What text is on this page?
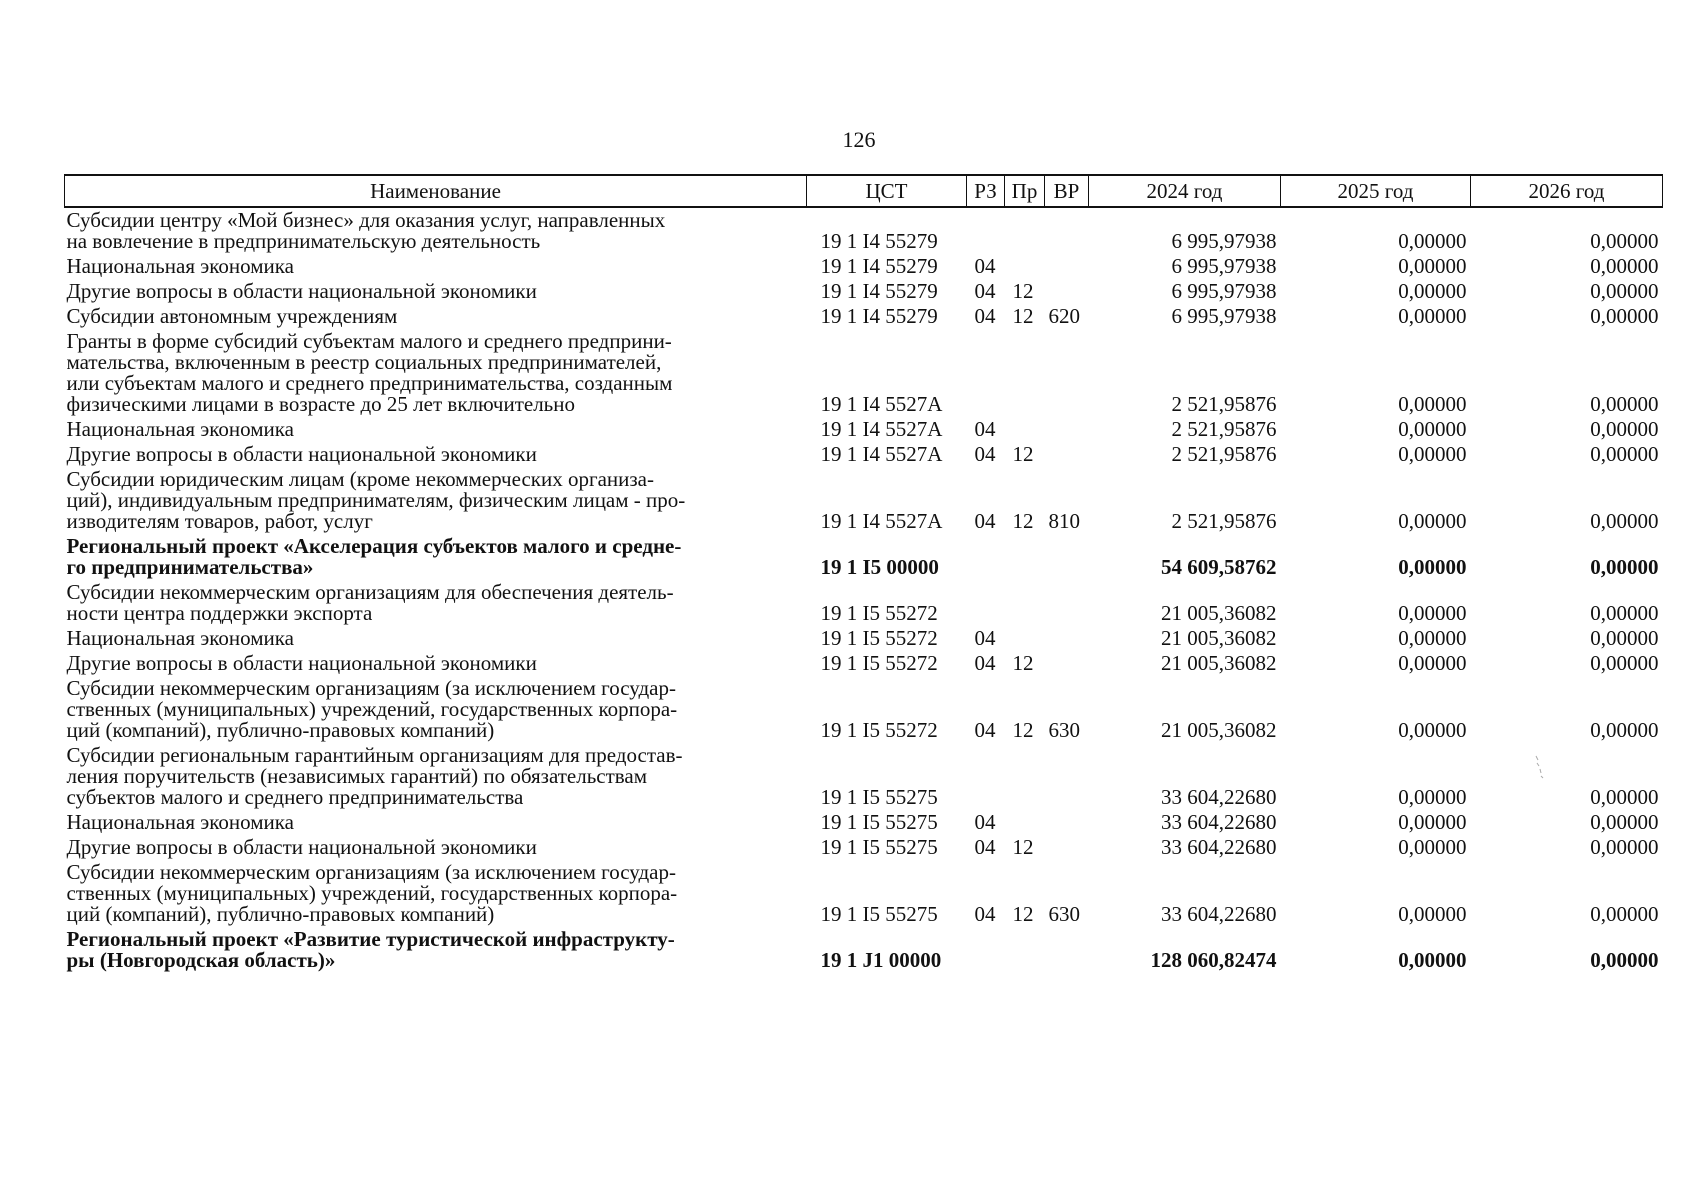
126
Наименование	ЦСТ	РЗ	Пр	ВР	2024 год	2025 год	2026 год

Субсидии центру «Мой бизнес» для оказания услуг, направленных
на вовлечение в предпринимательскую деятельность	19 1 I4 55279				6 995,97938	0,00000	0,00000

Национальная экономика	19 1 I4 55279	04			6 995,97938	0,00000	0,00000

Другие вопросы в области национальной экономики	19 1 I4 55279	04	12		6 995,97938	0,00000	0,00000

Субсидии автономным учреждениям	19 1 I4 55279	04	12	620	6 995,97938	0,00000	0,00000

Гранты в форме субсидий субъектам малого и среднего предприни-
мательства, включенным в реестр социальных предпринимателей,
или субъектам малого и среднего предпринимательства, созданным
физическими лицами в возрасте до 25 лет включительно	19 1 I4 5527A				2 521,95876	0,00000	0,00000

Национальная экономика	19 1 I4 5527A	04			2 521,95876	0,00000	0,00000

Другие вопросы в области национальной экономики	19 1 I4 5527A	04	12		2 521,95876	0,00000	0,00000

Субсидии юридическим лицам (кроме некоммерческих организа-
ций), индивидуальным предпринимателям, физическим лицам - про-
изводителям товаров, работ, услуг	19 1 I4 5527A	04	12	810	2 521,95876	0,00000	0,00000

Региональный проект «Акселерация субъектов малого и средне-
го предпринимательства»	19 1 I5 00000				54 609,58762	0,00000	0,00000

Субсидии некоммерческим организациям для обеспечения деятель-
ности центра поддержки экспорта	19 1 I5 55272				21 005,36082	0,00000	0,00000

Национальная экономика	19 1 I5 55272	04			21 005,36082	0,00000	0,00000

Другие вопросы в области национальной экономики	19 1 I5 55272	04	12		21 005,36082	0,00000	0,00000

Субсидии некоммерческим организациям (за исключением государ-
ственных (муниципальных) учреждений, государственных корпора-
ций (компаний), публично-правовых компаний)	19 1 I5 55272	04	12	630	21 005,36082	0,00000	0,00000

Субсидии региональным гарантийным организациям для предостав-
ления поручительств (независимых гарантий) по обязательствам
субъектов малого и среднего предпринимательства	19 1 I5 55275				33 604,22680	0,00000	0,00000

Национальная экономика	19 1 I5 55275	04			33 604,22680	0,00000	0,00000

Другие вопросы в области национальной экономики	19 1 I5 55275	04	12		33 604,22680	0,00000	0,00000

Субсидии некоммерческим организациям (за исключением государ-
ственных (муниципальных) учреждений, государственных корпора-
ций (компаний), публично-правовых компаний)	19 1 I5 55275	04	12	630	33 604,22680	0,00000	0,00000

Региональный проект «Развитие туристической инфраструкту-
ры (Новгородская область)»	19 1 J1 00000				128 060,82474	0,00000	0,00000
